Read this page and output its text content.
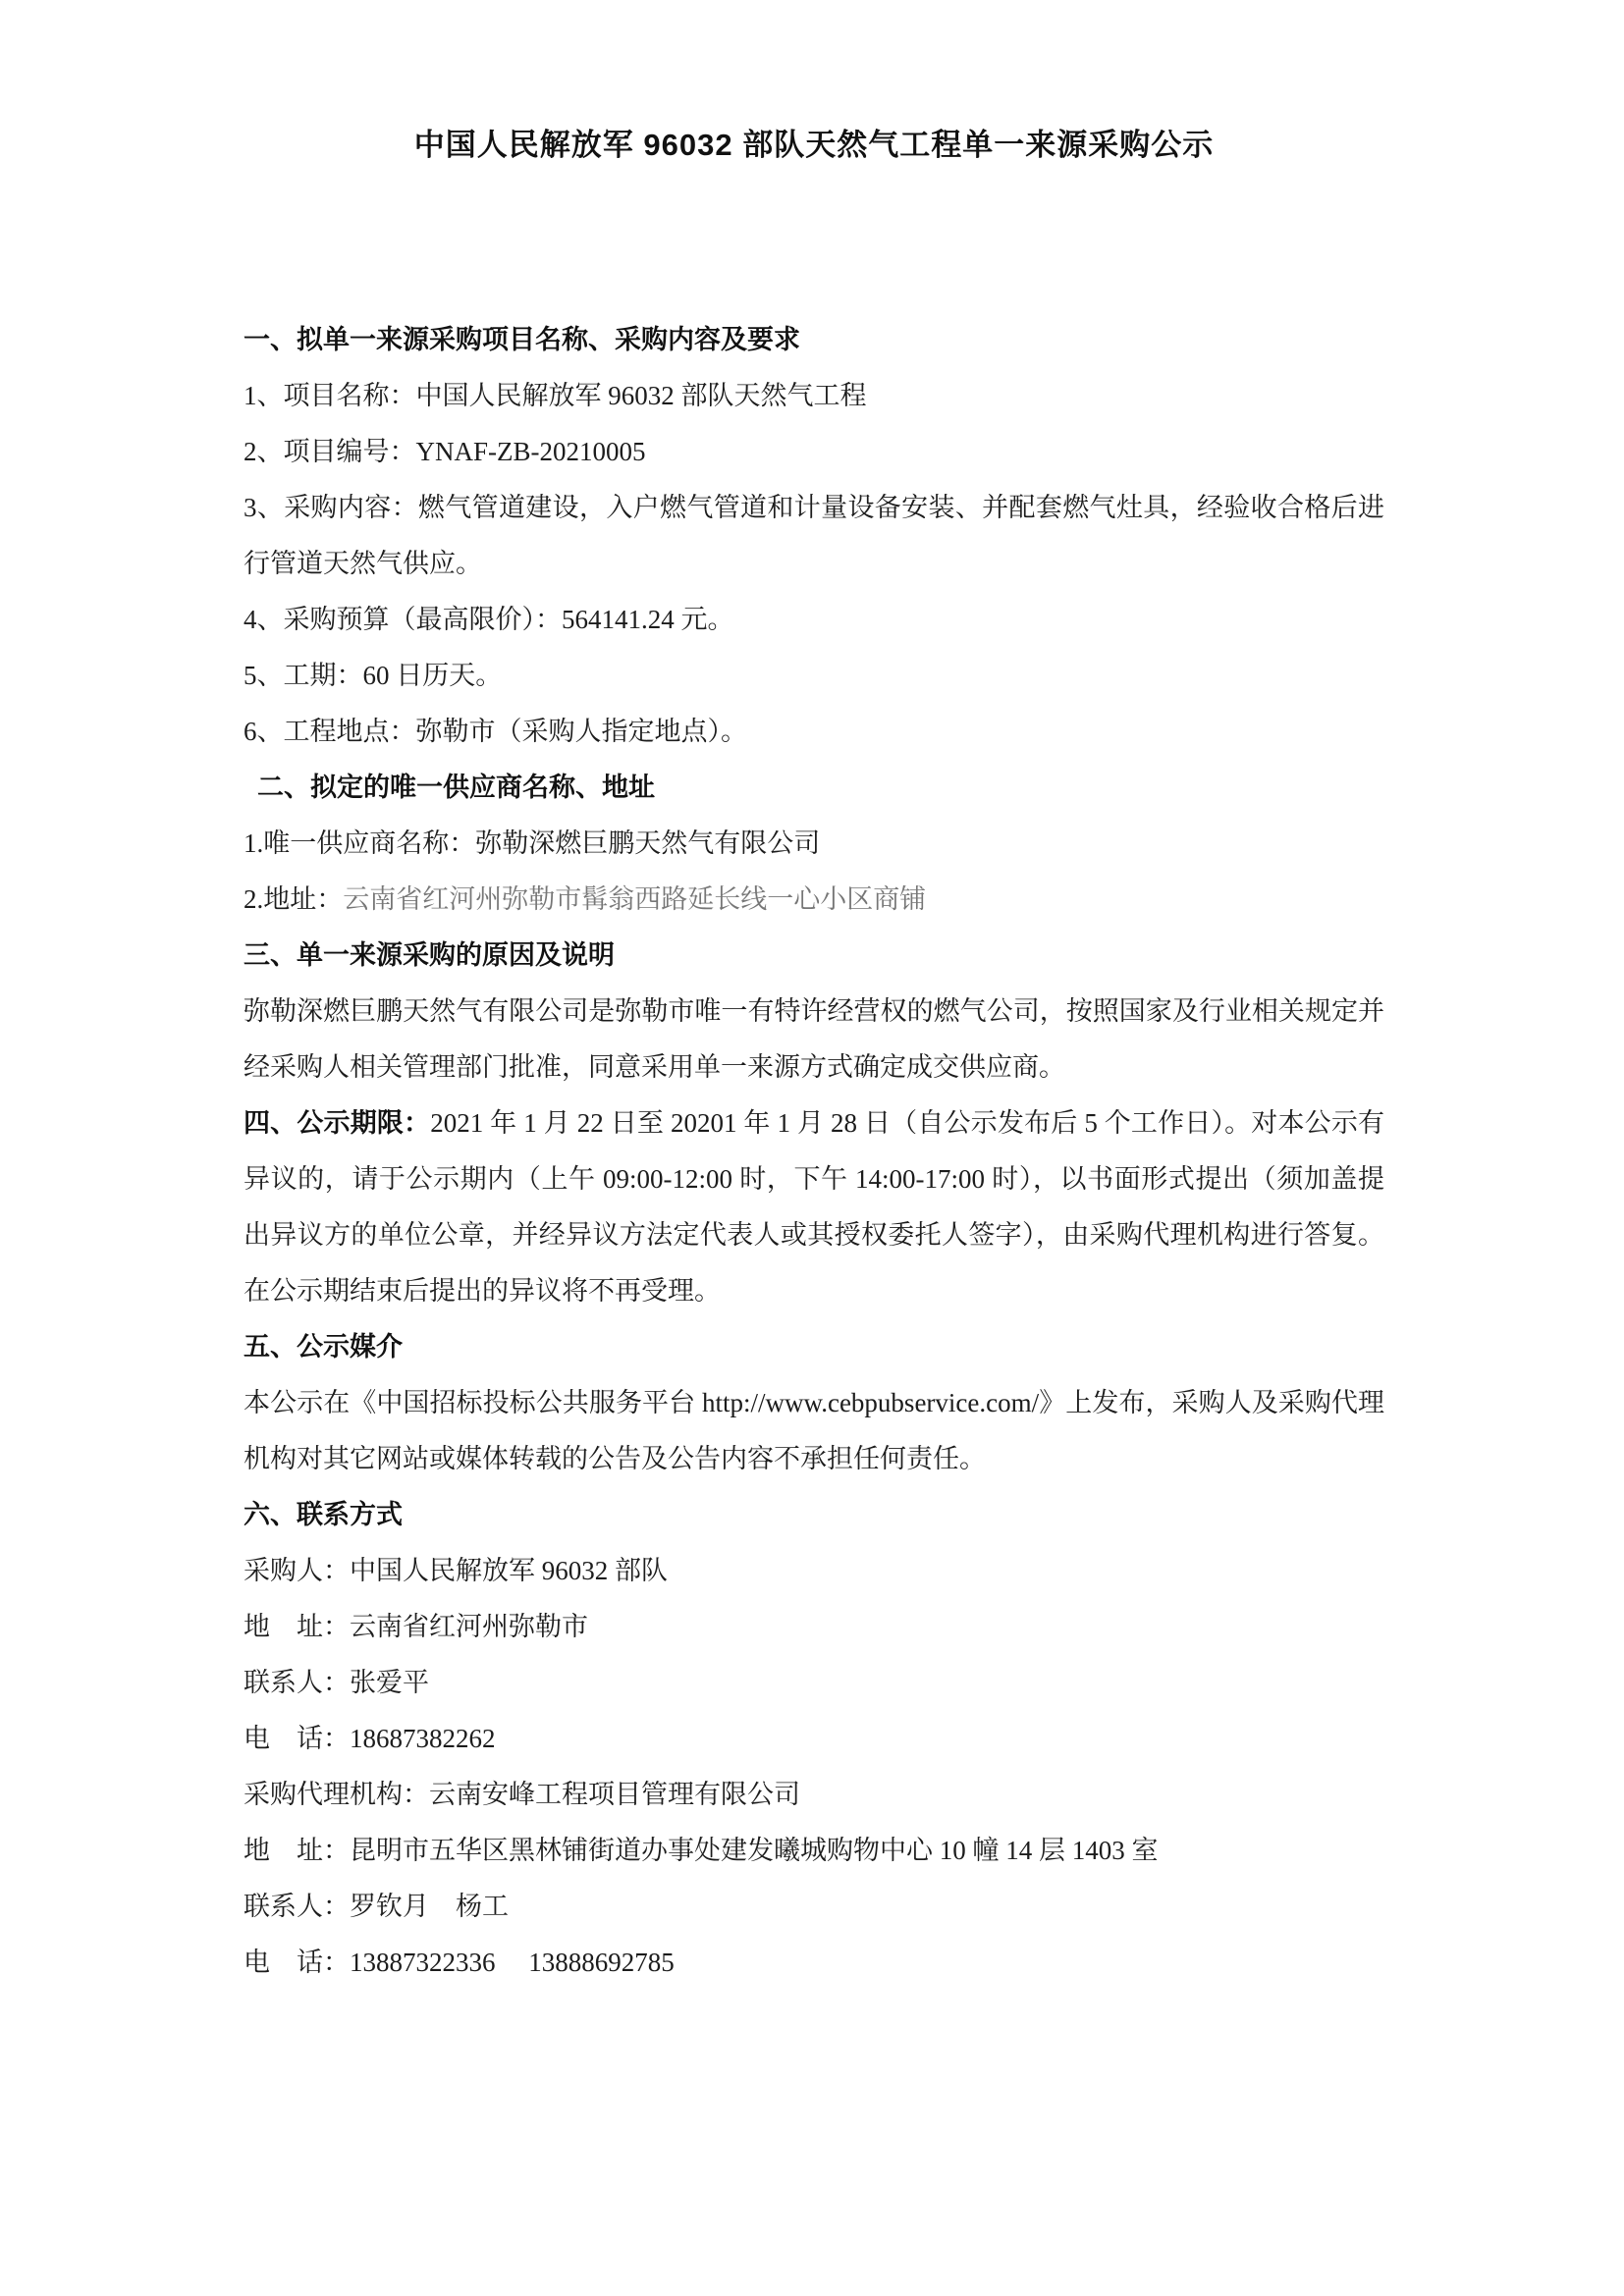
中国人民解放军 96032 部队天然气工程单一来源采购公示

一、拟单一来源采购项目名称、采购内容及要求

1、项目名称：中国人民解放军 96032 部队天然气工程

2、项目编号：YNAF-ZB-20210005

3、采购内容：燃气管道建设，入户燃气管道和计量设备安装、并配套燃气灶具，经验收合格后进行管道天然气供应。

4、采购预算（最高限价）：564141.24 元。

5、工期：60 日历天。

6、工程地点：弥勒市（采购人指定地点）。

二、拟定的唯一供应商名称、地址

1.唯一供应商名称：弥勒深燃巨鹏天然气有限公司

2.地址：云南省红河州弥勒市髯翁西路延长线一心小区商铺

三、单一来源采购的原因及说明

弥勒深燃巨鹏天然气有限公司是弥勒市唯一有特许经营权的燃气公司，按照国家及行业相关规定并经采购人相关管理部门批准，同意采用单一来源方式确定成交供应商。

四、公示期限：2021 年 1 月 22 日至 20201 年 1 月 28 日（自公示发布后 5 个工作日）。对本公示有异议的，请于公示期内（上午 09:00-12:00 时，下午 14:00-17:00 时），以书面形式提出（须加盖提出异议方的单位公章，并经异议方法定代表人或其授权委托人签字），由采购代理机构进行答复。在公示期结束后提出的异议将不再受理。

五、公示媒介

本公示在《中国招标投标公共服务平台 http://www.cebpubservice.com/》上发布，采购人及采购代理机构对其它网站或媒体转载的公告及公告内容不承担任何责任。

六、联系方式

采购人：中国人民解放军 96032 部队

地　址：云南省红河州弥勒市

联系人：张爱平

电　话：18687382262

采购代理机构：云南安峰工程项目管理有限公司

地　址：昆明市五华区黑林铺街道办事处建发曦城购物中心 10 幢 14 层 1403 室

联系人：罗钦月　杨工

电　话：13887322336　 13888692785
